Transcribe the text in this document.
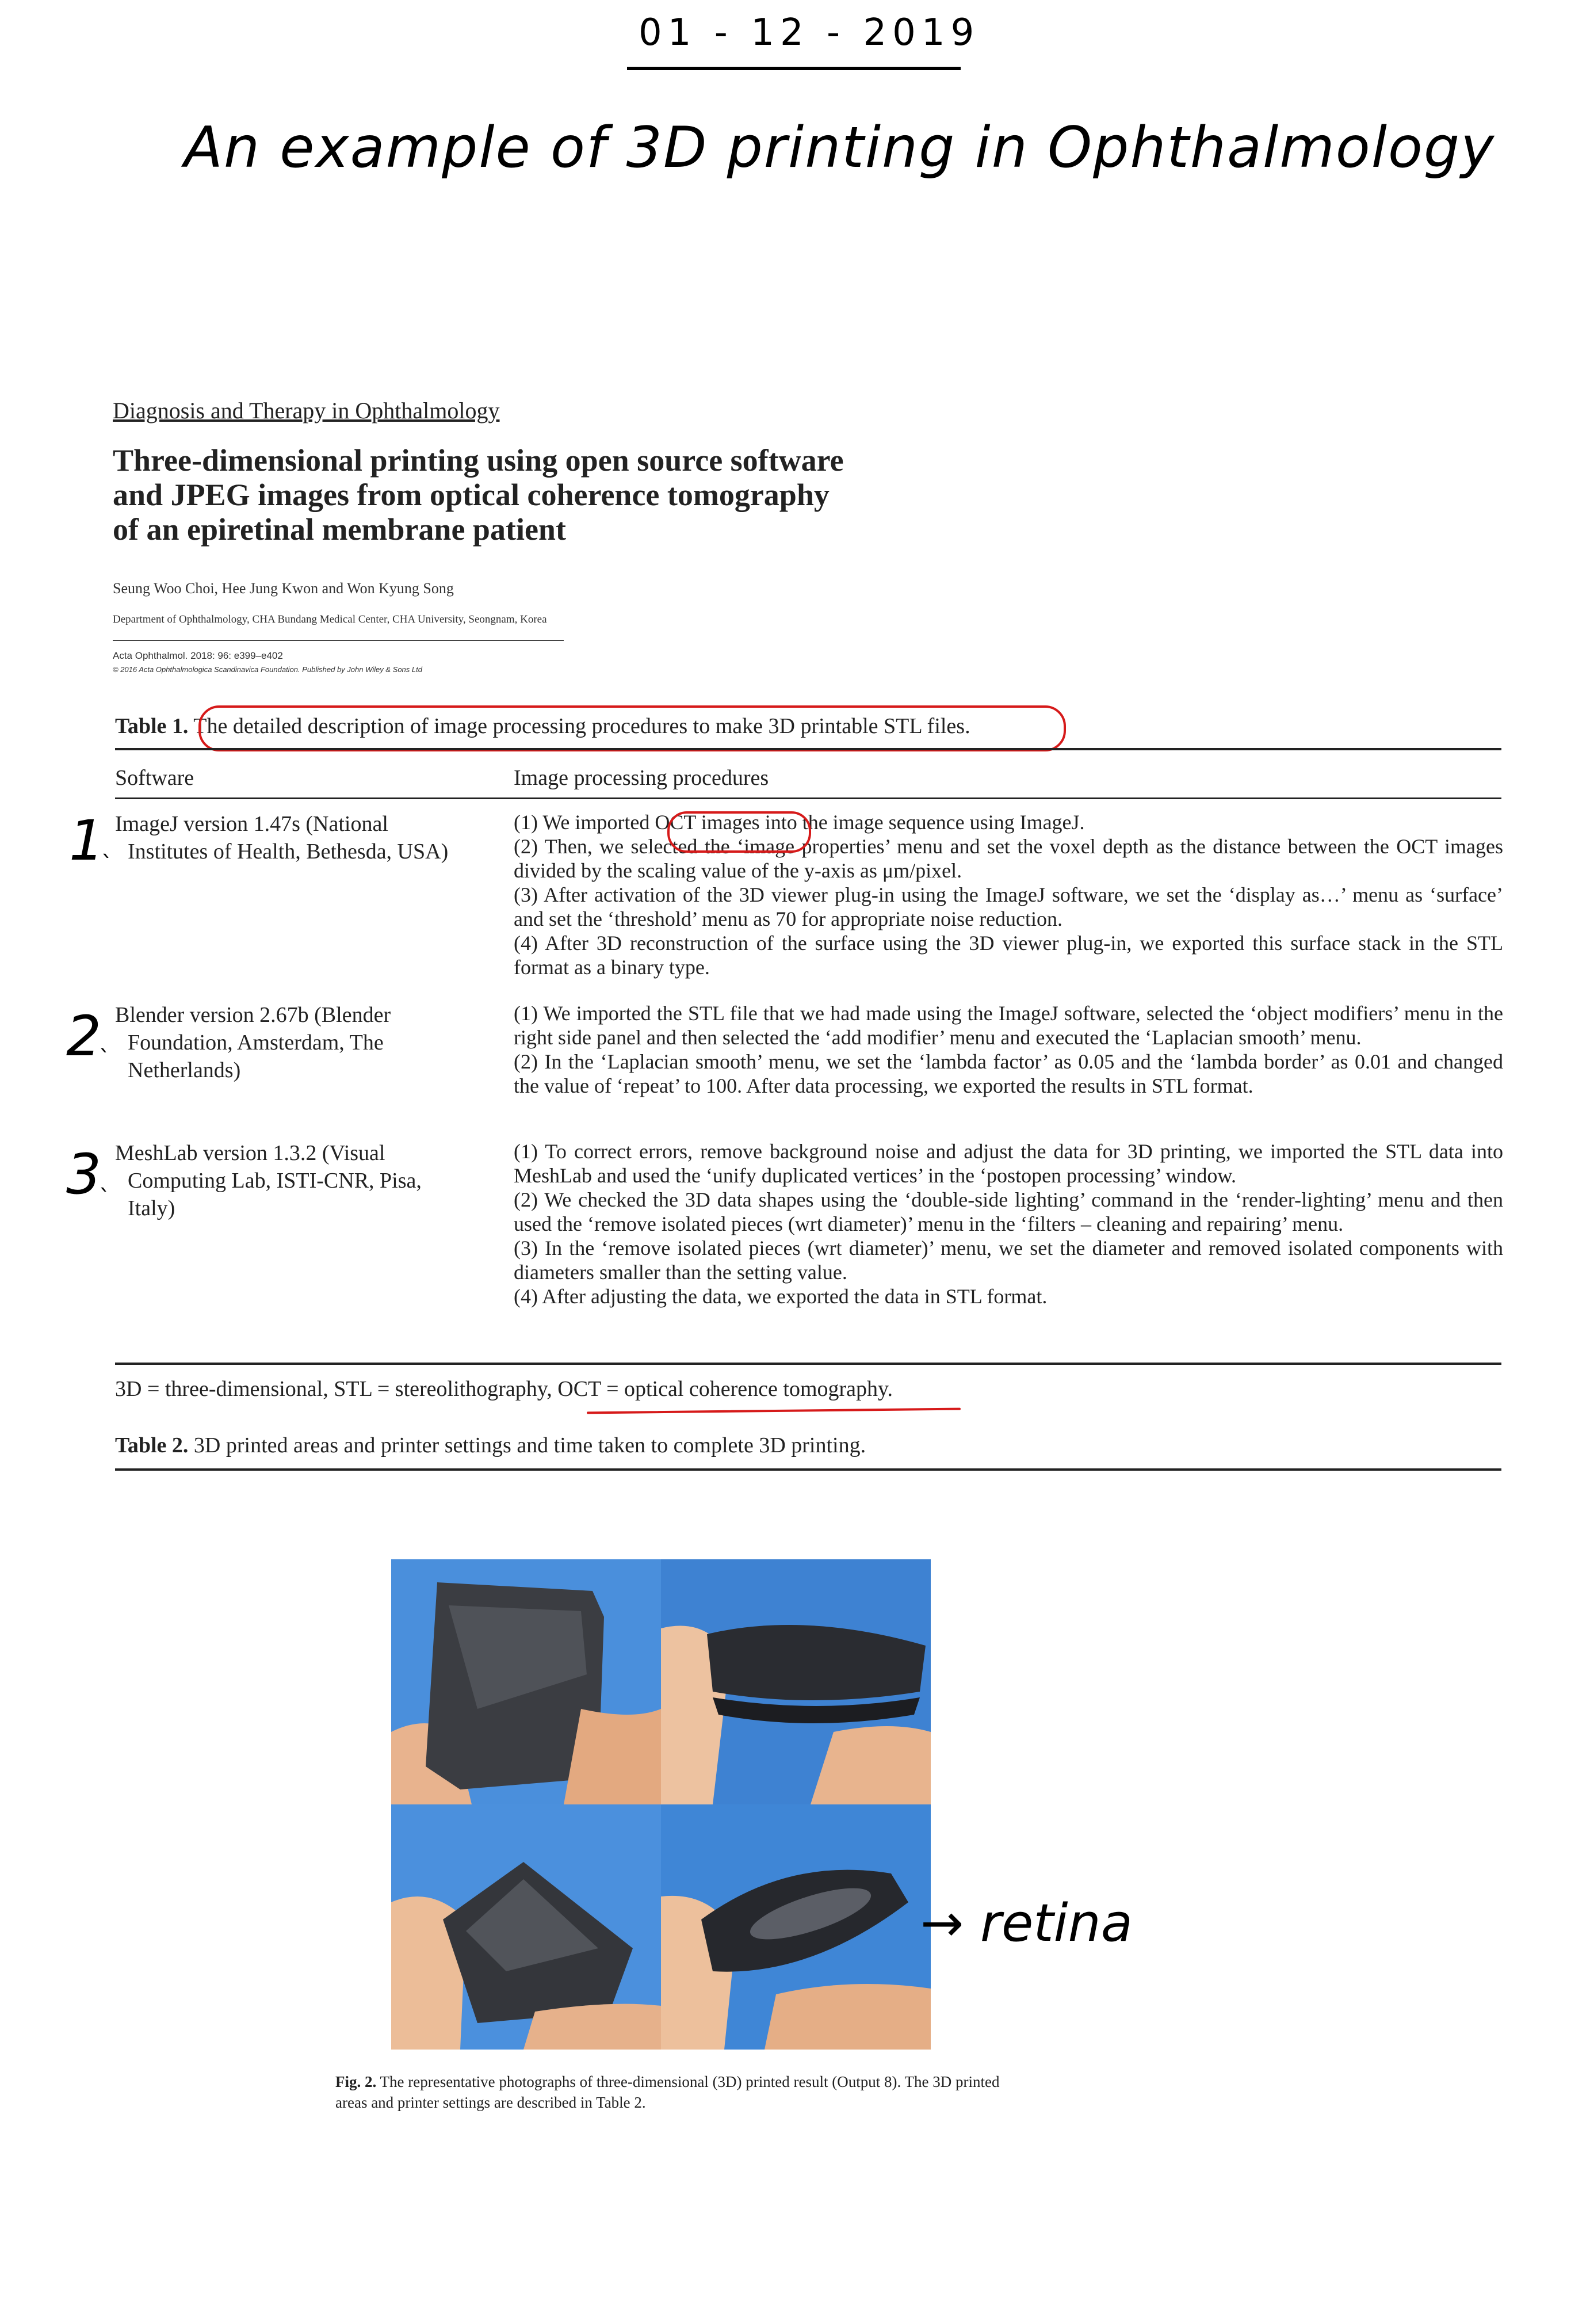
01 - 12 - 2019
An example of 3D printing in Ophthalmology
Diagnosis and Therapy in Ophthalmology
Three-dimensional printing using open source software and JPEG images from optical coherence tomography of an epiretinal membrane patient
Seung Woo Choi, Hee Jung Kwon and Won Kyung Song
Department of Ophthalmology, CHA Bundang Medical Center, CHA University, Seongnam, Korea
Acta Ophthalmol. 2018: 96: e399–e402
© 2016 Acta Ophthalmologica Scandinavica Foundation. Published by John Wiley & Sons Ltd
Table 1. The detailed description of image processing procedures to make 3D printable STL files.
Software	Image processing procedures
1
`
ImageJ version 1.47s (National Institutes of Health, Bethesda, USA)

(1) We imported OCT images into the image sequence using ImageJ.

(2) Then, we selected the ‘image properties’ menu and set the voxel depth as the distance between the OCT images divided by the scaling value of the y-axis as μm/pixel.

(3) After activation of the 3D viewer plug-in using the ImageJ software, we set the ‘display as…’ menu as ‘surface’ and set the ‘threshold’ menu as 70 for appropriate noise reduction.

(4) After 3D reconstruction of the surface using the 3D viewer plug-in, we exported this surface stack in the STL format as a binary type.

2
`
Blender version 2.67b (Blender Foundation, Amsterdam, The Netherlands)

(1) We imported the STL file that we had made using the ImageJ software, selected the ‘object modifiers’ menu in the right side panel and then selected the ‘add modifier’ menu and executed the ‘Laplacian smooth’ menu.

(2) In the ‘Laplacian smooth’ menu, we set the ‘lambda factor’ as 0.05 and the ‘lambda border’ as 0.01 and changed the value of ‘repeat’ to 100. After data processing, we exported the results in STL format.

3
`
MeshLab version 1.3.2 (Visual Computing Lab, ISTI-CNR, Pisa, Italy)

(1) To correct errors, remove background noise and adjust the data for 3D printing, we imported the STL data into MeshLab and used the ‘unify duplicated vertices’ in the ‘postopen processing’ window.

(2) We checked the 3D data shapes using the ‘double-side lighting’ command in the ‘render-lighting’ menu and then used the ‘remove isolated pieces (wrt diameter)’ menu in the ‘filters – cleaning and repairing’ menu.

(3) In the ‘remove isolated pieces (wrt diameter)’ menu, we set the diameter and removed isolated components with diameters smaller than the setting value.

(4) After adjusting the data, we exported the data in STL format.

3D = three-dimensional, STL = stereolithography, OCT = optical coherence tomography.
Table 2. 3D printed areas and printer settings and time taken to complete 3D printing.
→ retina
Fig. 2. The representative photographs of three-dimensional (3D) printed result (Output 8). The 3D printed areas and printer settings are described in Table 2.
